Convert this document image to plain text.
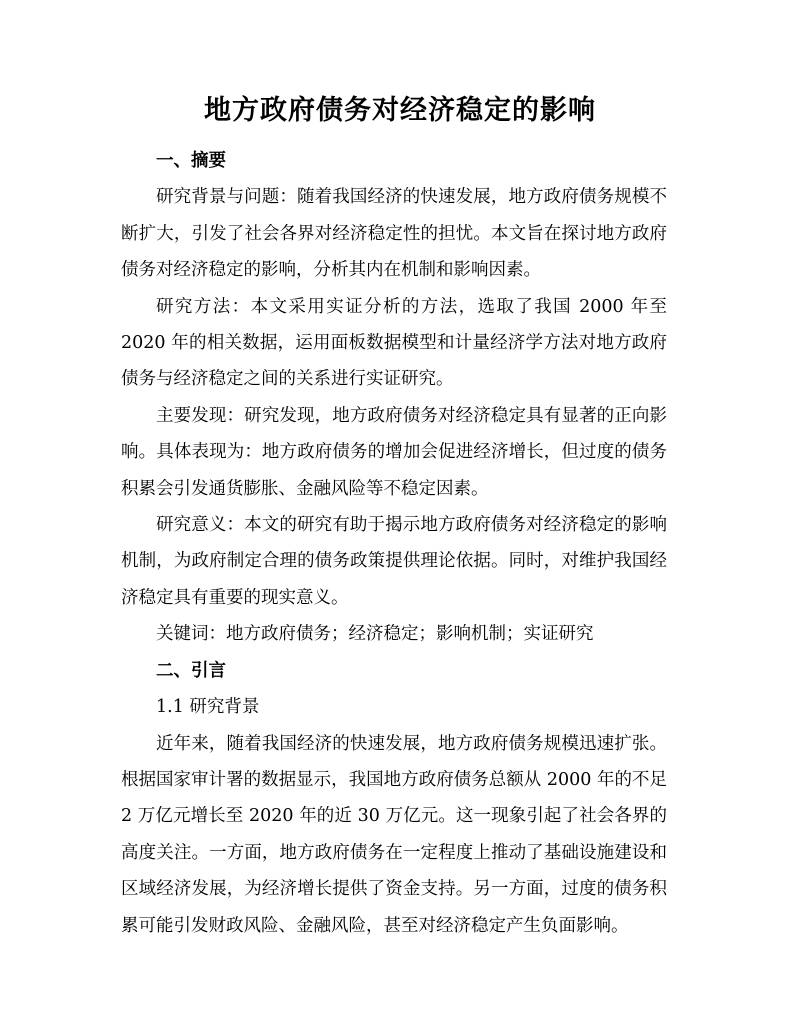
地方政府债务对经济稳定的影响

一、摘要

研究背景与问题：随着我国经济的快速发展，地方政府债务规模不断扩大，引发了社会各界对经济稳定性的担忧。本文旨在探讨地方政府债务对经济稳定的影响，分析其内在机制和影响因素。

研究方法：本文采用实证分析的方法，选取了我国 2000 年至 2020 年的相关数据，运用面板数据模型和计量经济学方法对地方政府债务与经济稳定之间的关系进行实证研究。

主要发现：研究发现，地方政府债务对经济稳定具有显著的正向影响。具体表现为：地方政府债务的增加会促进经济增长，但过度的债务积累会引发通货膨胀、金融风险等不稳定因素。

研究意义：本文的研究有助于揭示地方政府债务对经济稳定的影响机制，为政府制定合理的债务政策提供理论依据。同时，对维护我国经济稳定具有重要的现实意义。

关键词：地方政府债务；经济稳定；影响机制；实证研究

二、引言

1.1 研究背景

近年来，随着我国经济的快速发展，地方政府债务规模迅速扩张。根据国家审计署的数据显示，我国地方政府债务总额从 2000 年的不足 2 万亿元增长至 2020 年的近 30 万亿元。这一现象引起了社会各界的高度关注。一方面，地方政府债务在一定程度上推动了基础设施建设和区域经济发展，为经济增长提供了资金支持。另一方面，过度的债务积累可能引发财政风险、金融风险，甚至对经济稳定产生负面影响。
